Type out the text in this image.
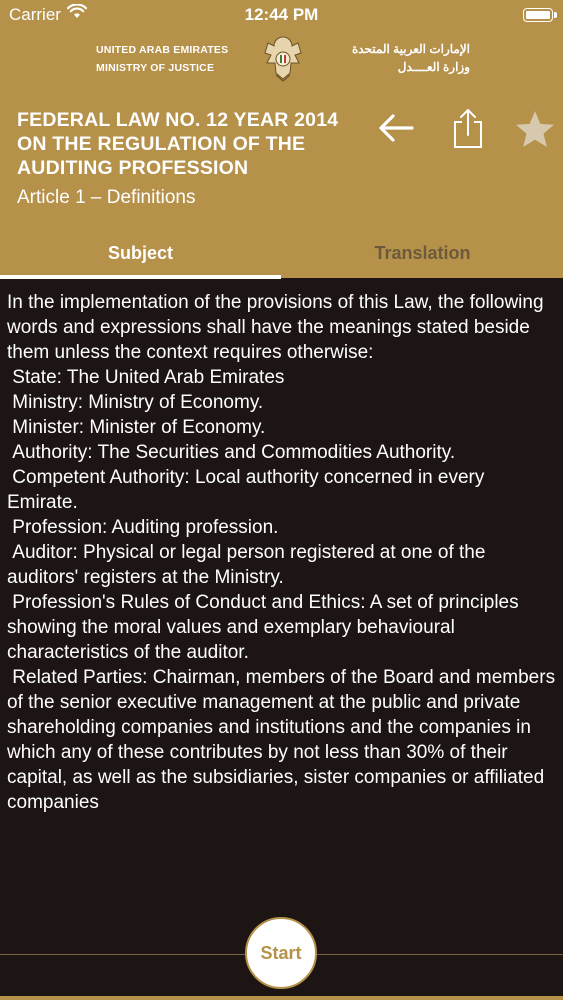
Carrier	12:44 PM
UNITED ARAB EMIRATES
MINISTRY OF JUSTICE
الإمارات العربية المتحدة
وزارة العــــدل
FEDERAL LAW NO. 12 YEAR 2014 ON THE REGULATION OF THE AUDITING PROFESSION
Article 1 – Definitions
Subject	Translation
In the implementation of the provisions of this Law, the following words and expressions shall have the meanings stated beside them unless the context requires otherwise:
State: The United Arab Emirates
Ministry: Ministry of Economy.
Minister: Minister of Economy.
Authority: The Securities and Commodities Authority.
Competent Authority: Local authority concerned in every Emirate.
Profession: Auditing profession.
Auditor: Physical or legal person registered at one of the auditors' registers at the Ministry.
Profession's Rules of Conduct and Ethics: A set of principles showing the moral values and exemplary behavioural characteristics of the auditor.
Related Parties: Chairman, members of the Board and members of the senior executive management at the public and private shareholding companies and institutions and the companies in which any of these contributes by not less than 30% of their capital, as well as the subsidiaries, sister companies or affiliated companies
Start
